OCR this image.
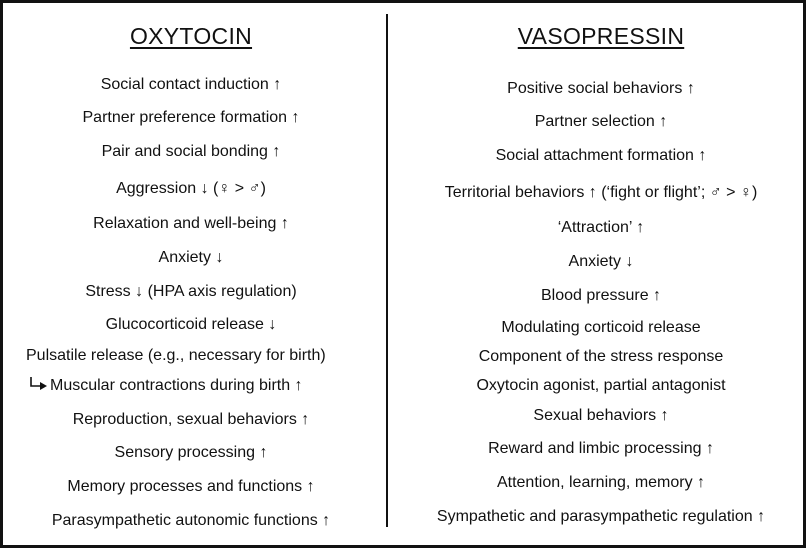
OXYTOCIN
Social contact induction ↑
Partner preference formation ↑
Pair and social bonding ↑
Aggression ↓ (♀ > ♂)
Relaxation and well-being ↑
Anxiety ↓
Stress ↓ (HPA axis regulation)
Glucocorticoid release ↓
Pulsatile release (e.g., necessary for birth)
Muscular contractions during birth ↑
Reproduction, sexual behaviors ↑
Sensory processing ↑
Memory processes and functions ↑
Parasympathetic autonomic functions ↑
VASOPRESSIN
Positive social behaviors ↑
Partner selection ↑
Social attachment formation ↑
Territorial behaviors ↑ (‘fight or flight’; ♂ > ♀)
‘Attraction’ ↑
Anxiety ↓
Blood pressure ↑
Modulating corticoid release
Component of the stress response
Oxytocin agonist, partial antagonist
Sexual behaviors ↑
Reward and limbic processing ↑
Attention, learning, memory ↑
Sympathetic and parasympathetic regulation ↑
